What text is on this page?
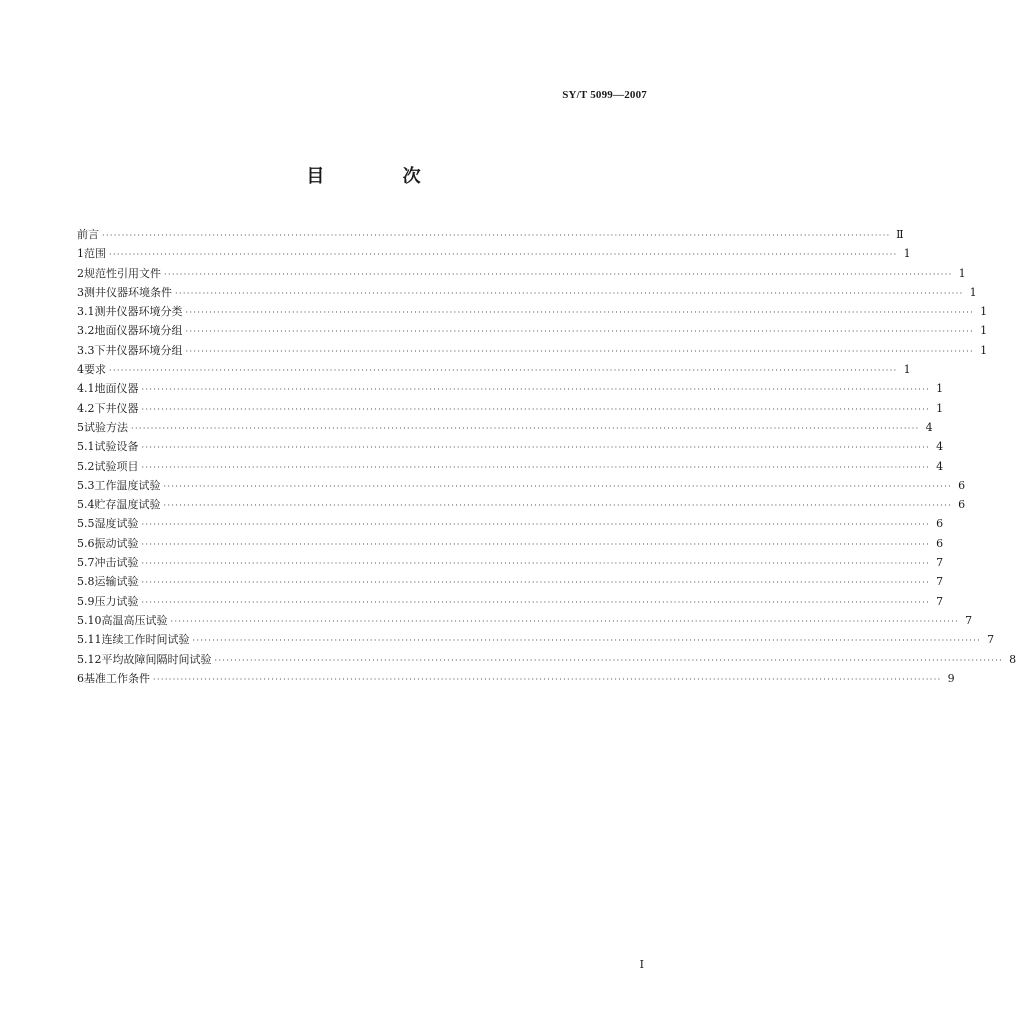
SY/T 5099—2007
目 次
前言 ········································································································································································································ Ⅱ
1 范围 ········································································································································································································ 1
2 规范性引用文件 ········································································································································································································ 1
3 测井仪器环境条件 ········································································································································································································ 1
3.1 测井仪器环境分类 ········································································································································································································ 1
3.2 地面仪器环境分组 ········································································································································································································ 1
3.3 下井仪器环境分组 ········································································································································································································ 1
4 要求 ········································································································································································································ 1
4.1 地面仪器 ········································································································································································································ 1
4.2 下井仪器 ········································································································································································································ 1
5 试验方法 ········································································································································································································ 4
5.1 试验设备 ········································································································································································································ 4
5.2 试验项目 ········································································································································································································ 4
5.3 工作温度试验 ········································································································································································································ 6
5.4 贮存温度试验 ········································································································································································································ 6
5.5 湿度试验 ········································································································································································································ 6
5.6 振动试验 ········································································································································································································ 6
5.7 冲击试验 ········································································································································································································ 7
5.8 运输试验 ········································································································································································································ 7
5.9 压力试验 ········································································································································································································ 7
5.10 高温高压试验 ········································································································································································································ 7
5.11 连续工作时间试验 ········································································································································································································ 7
5.12 平均故障间隔时间试验 ········································································································································································································ 8
6 基准工作条件 ········································································································································································································ 9
I
